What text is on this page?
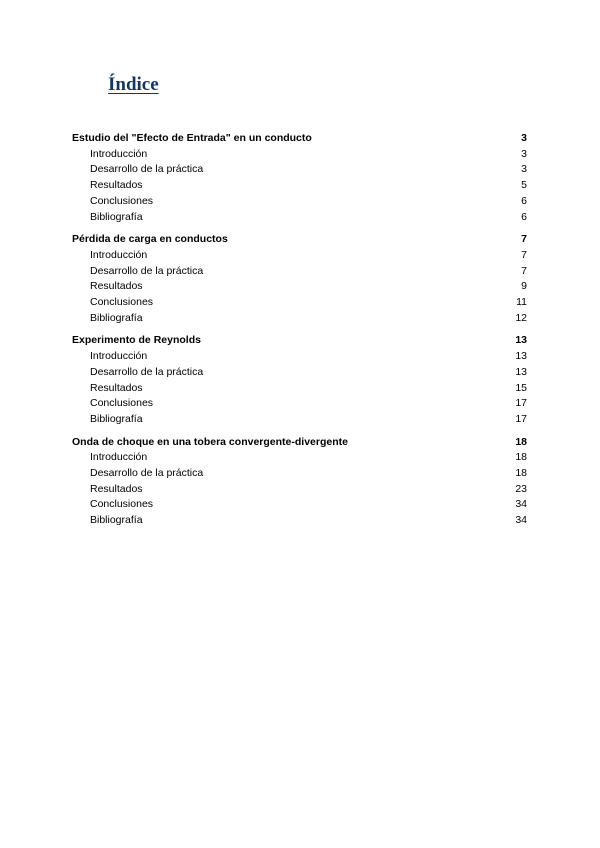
Índice
Estudio del "Efecto de Entrada" en un conducto	3
Introducción	3
Desarrollo de la práctica	3
Resultados	5
Conclusiones	6
Bibliografía	6
Pérdida de carga en conductos	7
Introducción	7
Desarrollo de la práctica	7
Resultados	9
Conclusiones	11
Bibliografía	12
Experimento de Reynolds	13
Introducción	13
Desarrollo de la práctica	13
Resultados	15
Conclusiones	17
Bibliografía	17
Onda de choque en una tobera convergente-divergente	18
Introducción	18
Desarrollo de la práctica	18
Resultados	23
Conclusiones	34
Bibliografía	34
